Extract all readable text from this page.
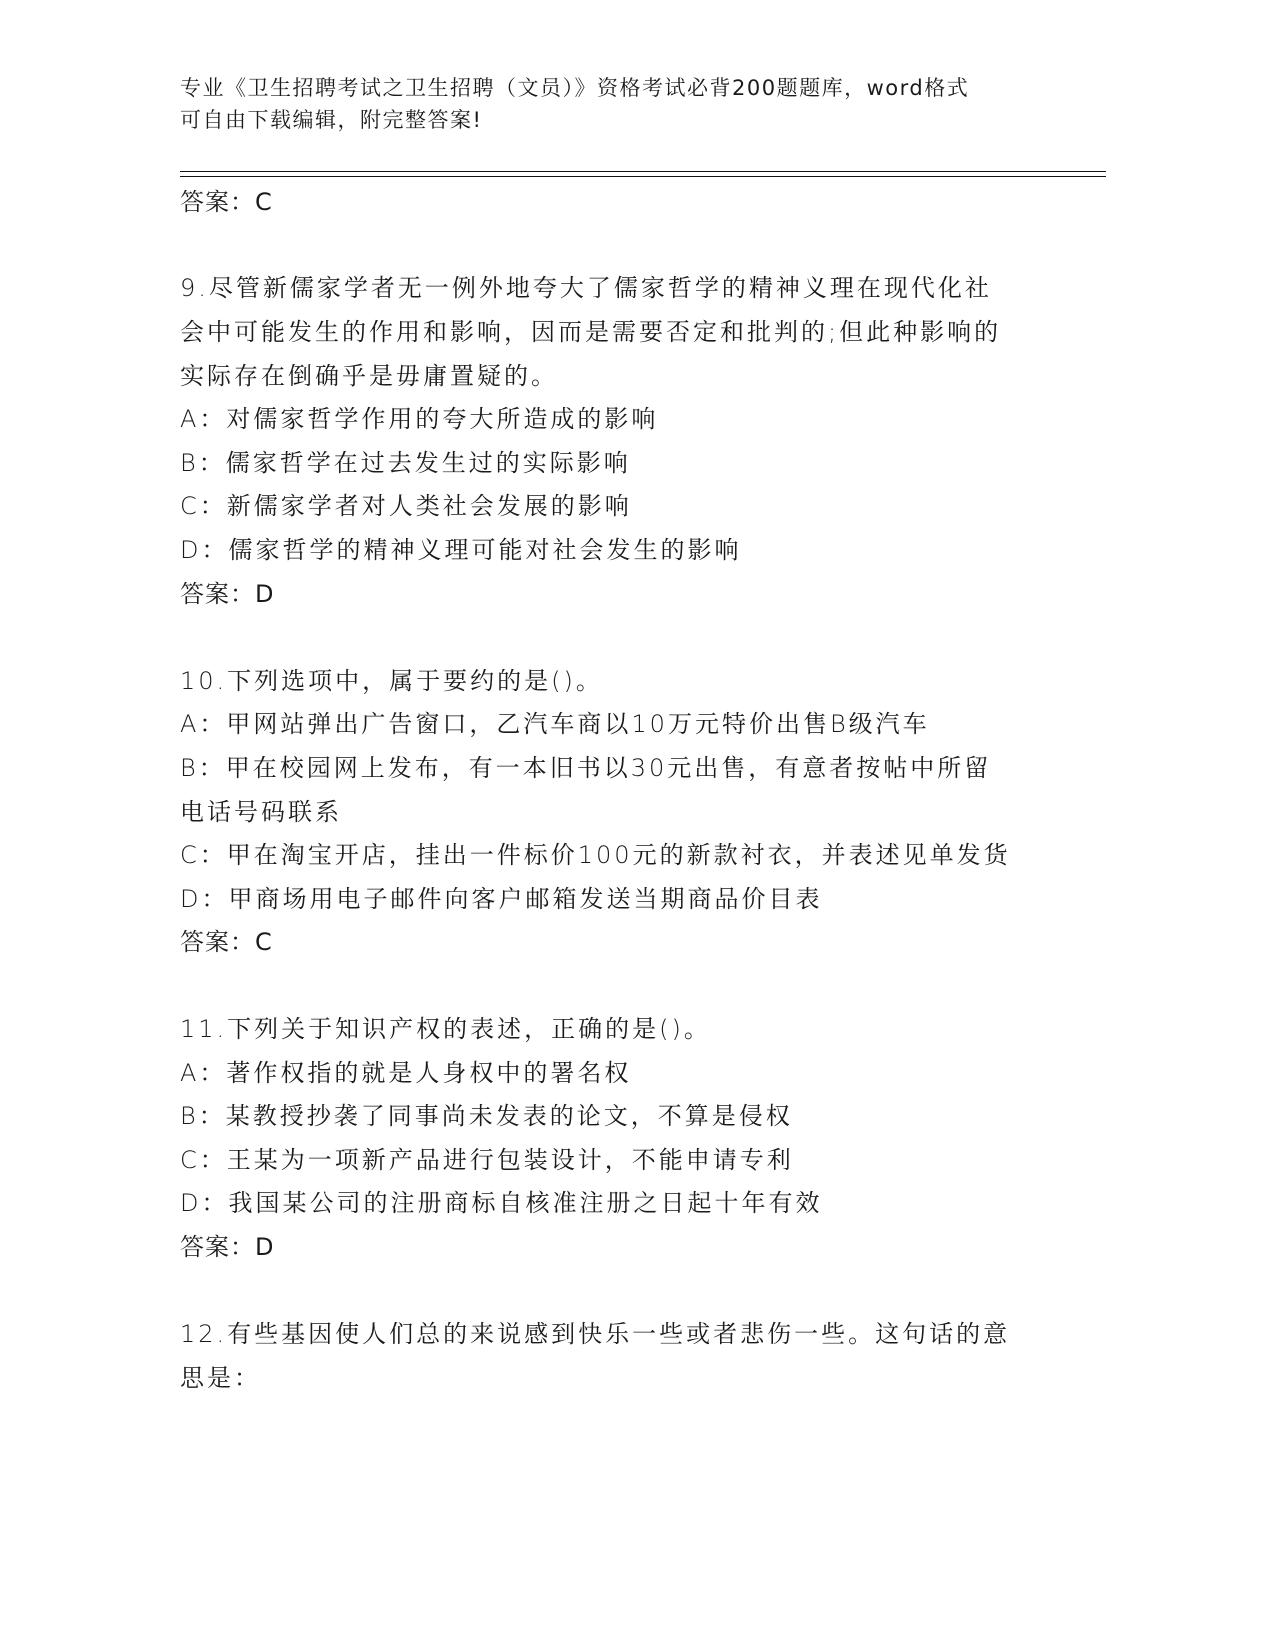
专业《卫生招聘考试之卫生招聘（文员）》资格考试必背200题题库，word格式
可自由下载编辑，附完整答案!
答案：C
9.尽管新儒家学者无一例外地夸大了儒家哲学的精神义理在现代化社
会中可能发生的作用和影响，因而是需要否定和批判的;但此种影响的
实际存在倒确乎是毋庸置疑的。
A：对儒家哲学作用的夸大所造成的影响
B：儒家哲学在过去发生过的实际影响
C：新儒家学者对人类社会发展的影响
D：儒家哲学的精神义理可能对社会发生的影响
答案：D
10.下列选项中，属于要约的是()。
A：甲网站弹出广告窗口，乙汽车商以10万元特价出售B级汽车
B：甲在校园网上发布，有一本旧书以30元出售，有意者按帖中所留
电话号码联系
C：甲在淘宝开店，挂出一件标价100元的新款衬衣，并表述见单发货
D：甲商场用电子邮件向客户邮箱发送当期商品价目表
答案：C
11.下列关于知识产权的表述，正确的是()。
A：著作权指的就是人身权中的署名权
B：某教授抄袭了同事尚未发表的论文，不算是侵权
C：王某为一项新产品进行包装设计，不能申请专利
D：我国某公司的注册商标自核准注册之日起十年有效
答案：D
12.有些基因使人们总的来说感到快乐一些或者悲伤一些。这句话的意
思是：
